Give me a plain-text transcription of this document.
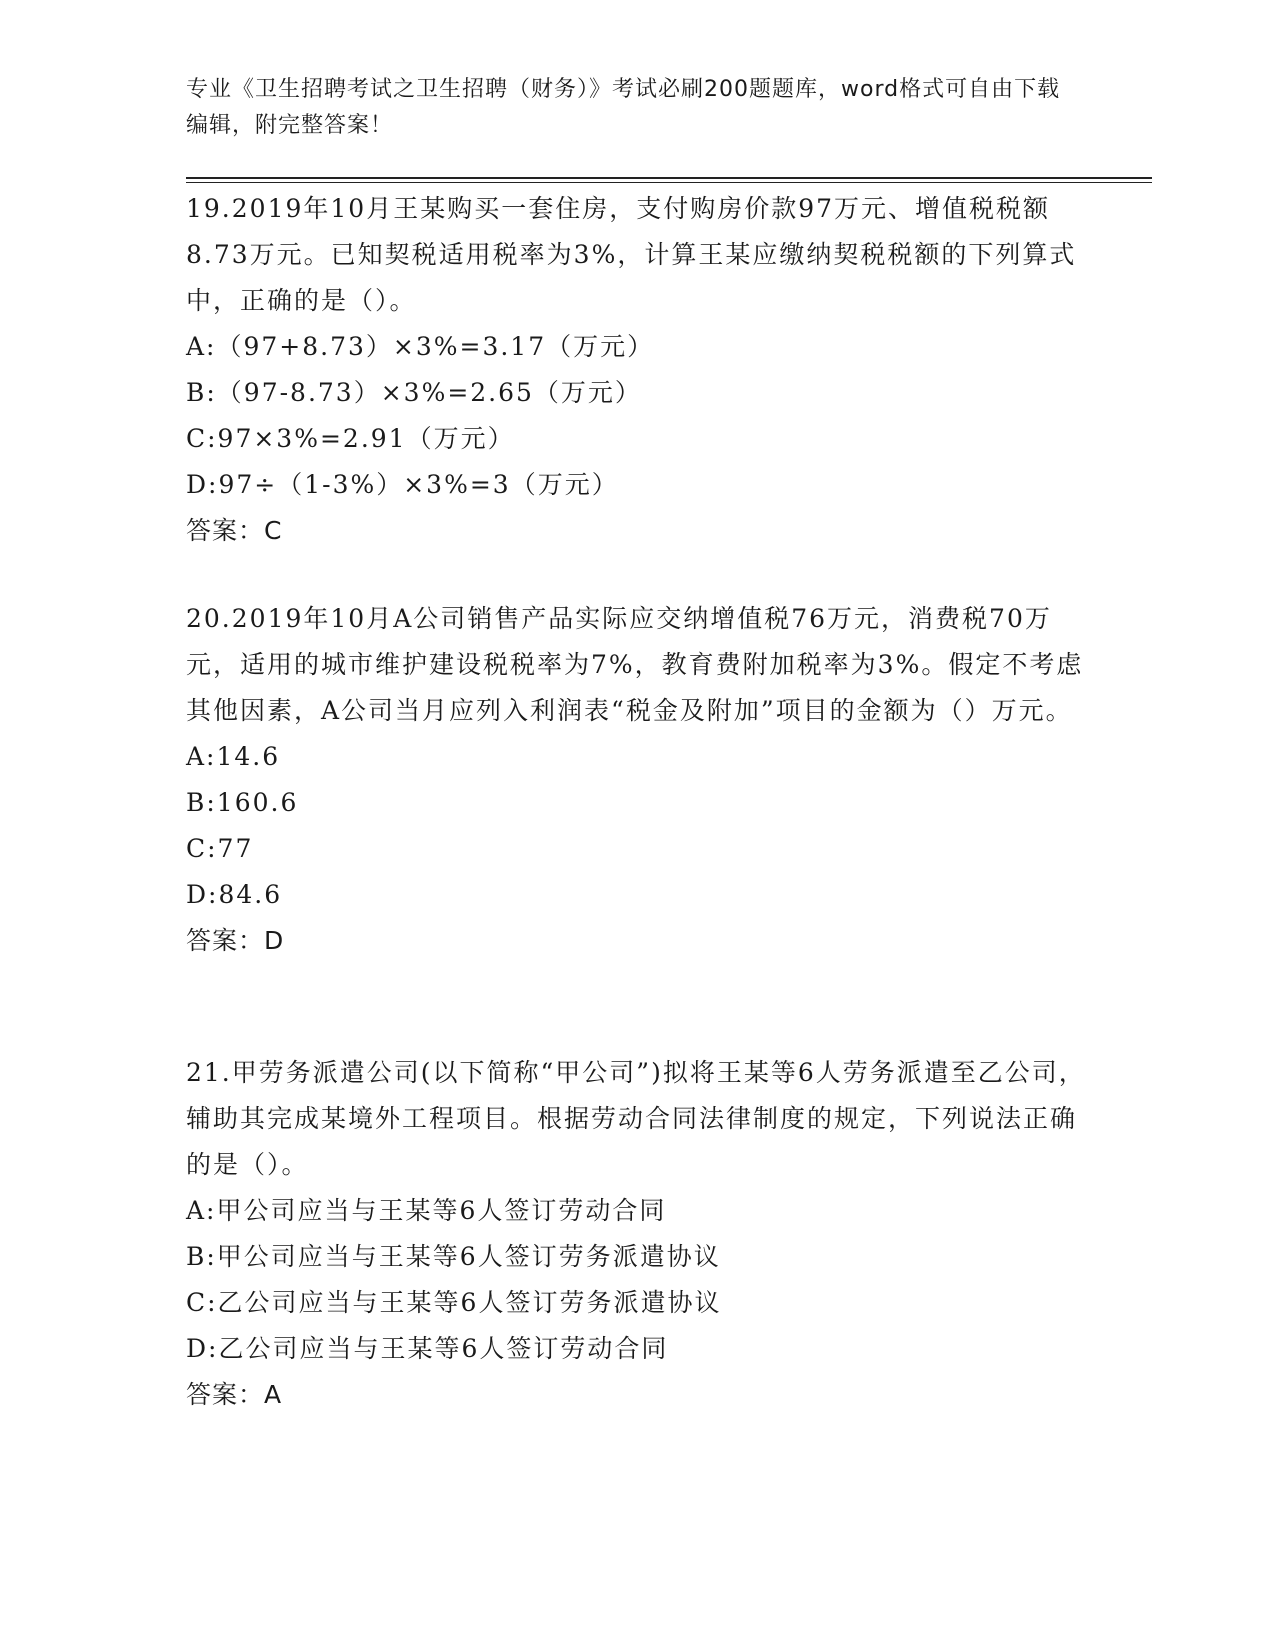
专业《卫生招聘考试之卫生招聘（财务）》考试必刷200题题库，word格式可自由下载编辑，附完整答案！

19.2019年10月王某购买一套住房，支付购房价款97万元、增值税税额8.73万元。已知契税适用税率为3%，计算王某应缴纳契税税额的下列算式中，正确的是（）。

A:（97+8.73）×3%=3.17（万元）

B:（97-8.73）×3%=2.65（万元）

C:97×3%=2.91（万元）

D:97÷（1-3%）×3%=3（万元）

答案：C

20.2019年10月A公司销售产品实际应交纳增值税76万元，消费税70万元，适用的城市维护建设税税率为7%，教育费附加税率为3%。假定不考虑其他因素，A公司当月应列入利润表“税金及附加”项目的金额为（）万元。

A:14.6

B:160.6

C:77

D:84.6

答案：D

21.甲劳务派遣公司(以下简称“甲公司”)拟将王某等6人劳务派遣至乙公司，辅助其完成某境外工程项目。根据劳动合同法律制度的规定，下列说法正确的是（）。

A:甲公司应当与王某等6人签订劳动合同

B:甲公司应当与王某等6人签订劳务派遣协议

C:乙公司应当与王某等6人签订劳务派遣协议

D:乙公司应当与王某等6人签订劳动合同

答案：A
